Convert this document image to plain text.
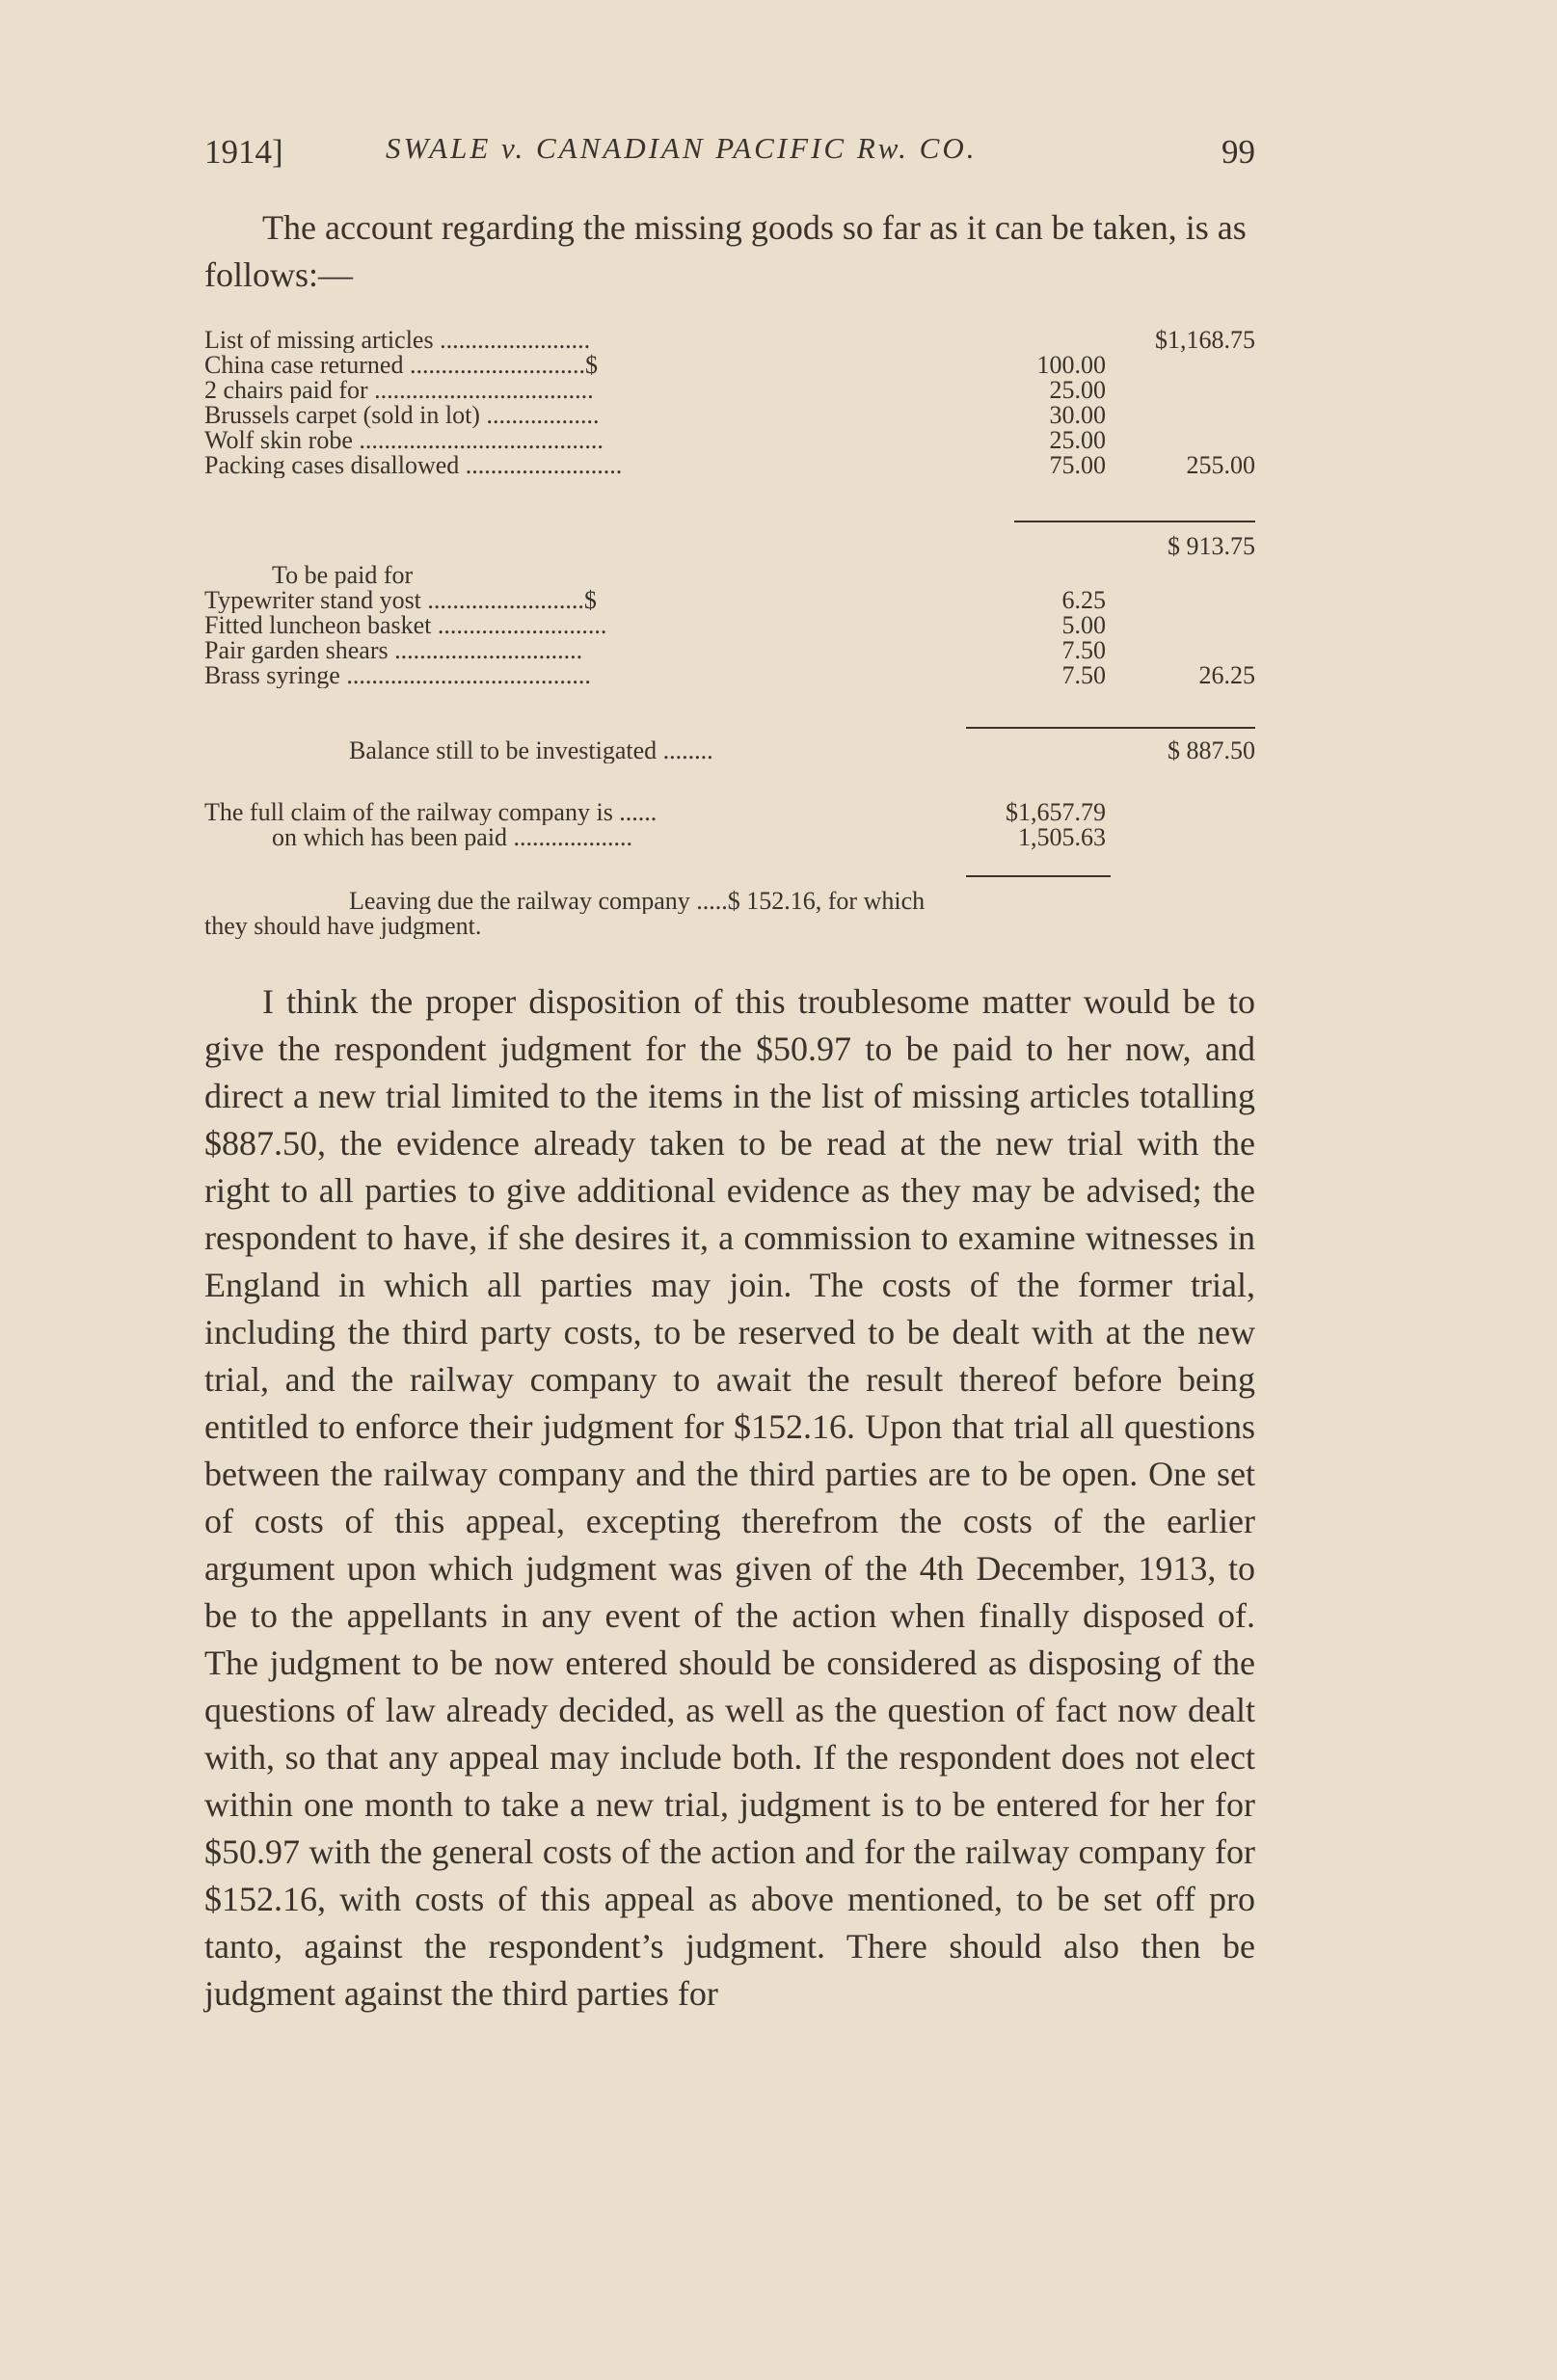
1914]	SWALE v. CANADIAN PACIFIC Rw. CO.	99
The account regarding the missing goods so far as it can be taken, is as follows:—
List of missing articles ........................	$1,168.75
China case returned ............................$	100.00
2 chairs paid for ...................................	25.00
Brussels carpet (sold in lot) ..................	30.00
Wolf skin robe .......................................	25.00
Packing cases disallowed .........................	75.00	255.00
$ 913.75
To be paid for
Typewriter stand yost .........................$	6.25
Fitted luncheon basket ...........................	5.00
Pair garden shears ..............................	7.50
Brass syringe .......................................	7.50	26.25
Balance still to be investigated ........	$ 887.50
The full claim of the railway company is ......	$1,657.79
on which has been paid ...................	1,505.63
Leaving due the railway company .....$ 152.16, for which
they should have judgment.
I think the proper disposition of this troublesome matter would be to give the respondent judgment for the $50.97 to be paid to her now, and direct a new trial limited to the items in the list of missing articles totalling $887.50, the evidence already taken to be read at the new trial with the right to all parties to give additional evidence as they may be advised; the respondent to have, if she desires it, a commission to examine witnesses in England in which all parties may join. The costs of the former trial, including the third party costs, to be reserved to be dealt with at the new trial, and the railway company to await the result thereof before being entitled to enforce their judgment for $152.16. Upon that trial all questions between the railway company and the third parties are to be open. One set of costs of this appeal, excepting therefrom the costs of the earlier argument upon which judgment was given of the 4th December, 1913, to be to the appellants in any event of the action when finally disposed of. The judgment to be now entered should be considered as disposing of the questions of law already decided, as well as the question of fact now dealt with, so that any appeal may include both. If the respondent does not elect within one month to take a new trial, judgment is to be entered for her for $50.97 with the general costs of the action and for the railway company for $152.16, with costs of this appeal as above mentioned, to be set off pro tanto, against the respondent’s judgment. There should also then be judgment against the third parties for
